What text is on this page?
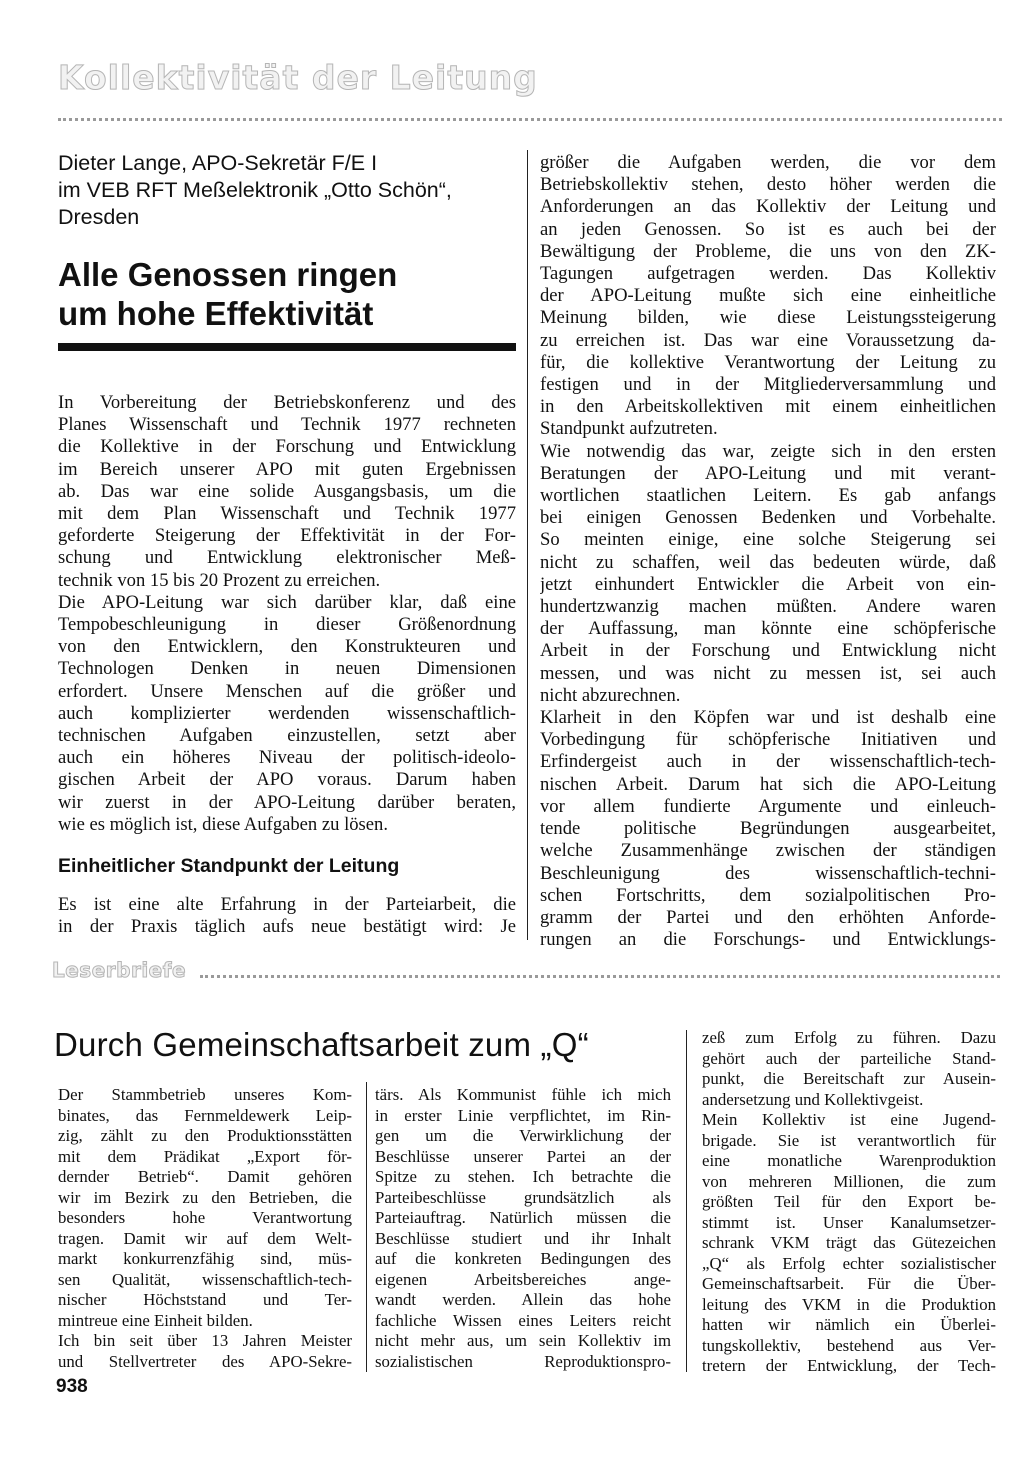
Kollektivität der Leitung
Dieter Lange, APO-Sekretär F/E I
im VEB RFT Meßelektronik „Otto Schön“,
Dresden
Alle Genossen ringen
um hohe Effektivität
In Vorbereitung der Betriebskonferenz und des
Planes Wissenschaft und Technik 1977 rechneten
die Kollektive in der Forschung und Entwicklung
im Bereich unserer APO mit guten Ergebnissen
ab. Das war eine solide Ausgangsbasis, um die
mit dem Plan Wissenschaft und Technik 1977
geforderte Steigerung der Effektivität in der For-
schung und Entwicklung elektronischer Meß-
technik von 15 bis 20 Prozent zu erreichen.
Die APO-Leitung war sich darüber klar, daß eine
Tempobeschleunigung in dieser Größenordnung
von den Entwicklern, den Konstrukteuren und
Technologen Denken in neuen Dimensionen
erfordert. Unsere Menschen auf die größer und
auch komplizierter werdenden wissenschaftlich-
technischen Aufgaben einzustellen, setzt aber
auch ein höheres Niveau der politisch-ideolo-
gischen Arbeit der APO voraus. Darum haben
wir zuerst in der APO-Leitung darüber beraten,
wie es möglich ist, diese Aufgaben zu lösen.
Einheitlicher Standpunkt der Leitung
Es ist eine alte Erfahrung in der Parteiarbeit, die
in der Praxis täglich aufs neue bestätigt wird: Je
größer die Aufgaben werden, die vor dem
Betriebskollektiv stehen, desto höher werden die
Anforderungen an das Kollektiv der Leitung und
an jeden Genossen. So ist es auch bei der
Bewältigung der Probleme, die uns von den ZK-
Tagungen aufgetragen werden. Das Kollektiv
der APO-Leitung mußte sich eine einheitliche
Meinung bilden, wie diese Leistungssteigerung
zu erreichen ist. Das war eine Voraussetzung da-
für, die kollektive Verantwortung der Leitung zu
festigen und in der Mitgliederversammlung und
in den Arbeitskollektiven mit einem einheitlichen
Standpunkt aufzutreten.
Wie notwendig das war, zeigte sich in den ersten
Beratungen der APO-Leitung und mit verant-
wortlichen staatlichen Leitern. Es gab anfangs
bei einigen Genossen Bedenken und Vorbehalte.
So meinten einige, eine solche Steigerung sei
nicht zu schaffen, weil das bedeuten würde, daß
jetzt einhundert Entwickler die Arbeit von ein-
hundertzwanzig machen müßten. Andere waren
der Auffassung, man könnte eine schöpferische
Arbeit in der Forschung und Entwicklung nicht
messen, und was nicht zu messen ist, sei auch
nicht abzurechnen.
Klarheit in den Köpfen war und ist deshalb eine
Vorbedingung für schöpferische Initiativen und
Erfindergeist auch in der wissenschaftlich-tech-
nischen Arbeit. Darum hat sich die APO-Leitung
vor allem fundierte Argumente und einleuch-
tende politische Begründungen ausgearbeitet,
welche Zusammenhänge zwischen der ständigen
Beschleunigung des wissenschaftlich-techni-
schen Fortschritts, dem sozialpolitischen Pro-
gramm der Partei und den erhöhten Anforde-
rungen an die Forschungs- und Entwicklungs-
Leserbriefe
Durch Gemeinschaftsarbeit zum „Q“
Der Stammbetrieb unseres Kom-
binates, das Fernmeldewerk Leip-
zig, zählt zu den Produktionsstätten
mit dem Prädikat „Export för-
dernder Betrieb“. Damit gehören
wir im Bezirk zu den Betrieben, die
besonders hohe Verantwortung
tragen. Damit wir auf dem Welt-
markt konkurrenzfähig sind, müs-
sen Qualität, wissenschaftlich-tech-
nischer Höchststand und Ter-
mintreue eine Einheit bilden.
Ich bin seit über 13 Jahren Meister
und Stellvertreter des APO-Sekre-
tärs. Als Kommunist fühle ich mich
in erster Linie verpflichtet, im Rin-
gen um die Verwirklichung der
Beschlüsse unserer Partei an der
Spitze zu stehen. Ich betrachte die
Parteibeschlüsse grundsätzlich als
Parteiauftrag. Natürlich müssen die
Beschlüsse studiert und ihr Inhalt
auf die konkreten Bedingungen des
eigenen Arbeitsbereiches ange-
wandt werden. Allein das hohe
fachliche Wissen eines Leiters reicht
nicht mehr aus, um sein Kollektiv im
sozialistischen Reproduktionspro-
zeß zum Erfolg zu führen. Dazu
gehört auch der parteiliche Stand-
punkt, die Bereitschaft zur Ausein-
andersetzung und Kollektivgeist.
Mein Kollektiv ist eine Jugend-
brigade. Sie ist verantwortlich für
eine monatliche Warenproduktion
von mehreren Millionen, die zum
größten Teil für den Export be-
stimmt ist. Unser Kanalumsetzer-
schrank VKM trägt das Gütezeichen
„Q“ als Erfolg echter sozialistischer
Gemeinschaftsarbeit. Für die Über-
leitung des VKM in die Produktion
hatten wir nämlich ein Überlei-
tungskollektiv, bestehend aus Ver-
tretern der Entwicklung, der Tech-
938
